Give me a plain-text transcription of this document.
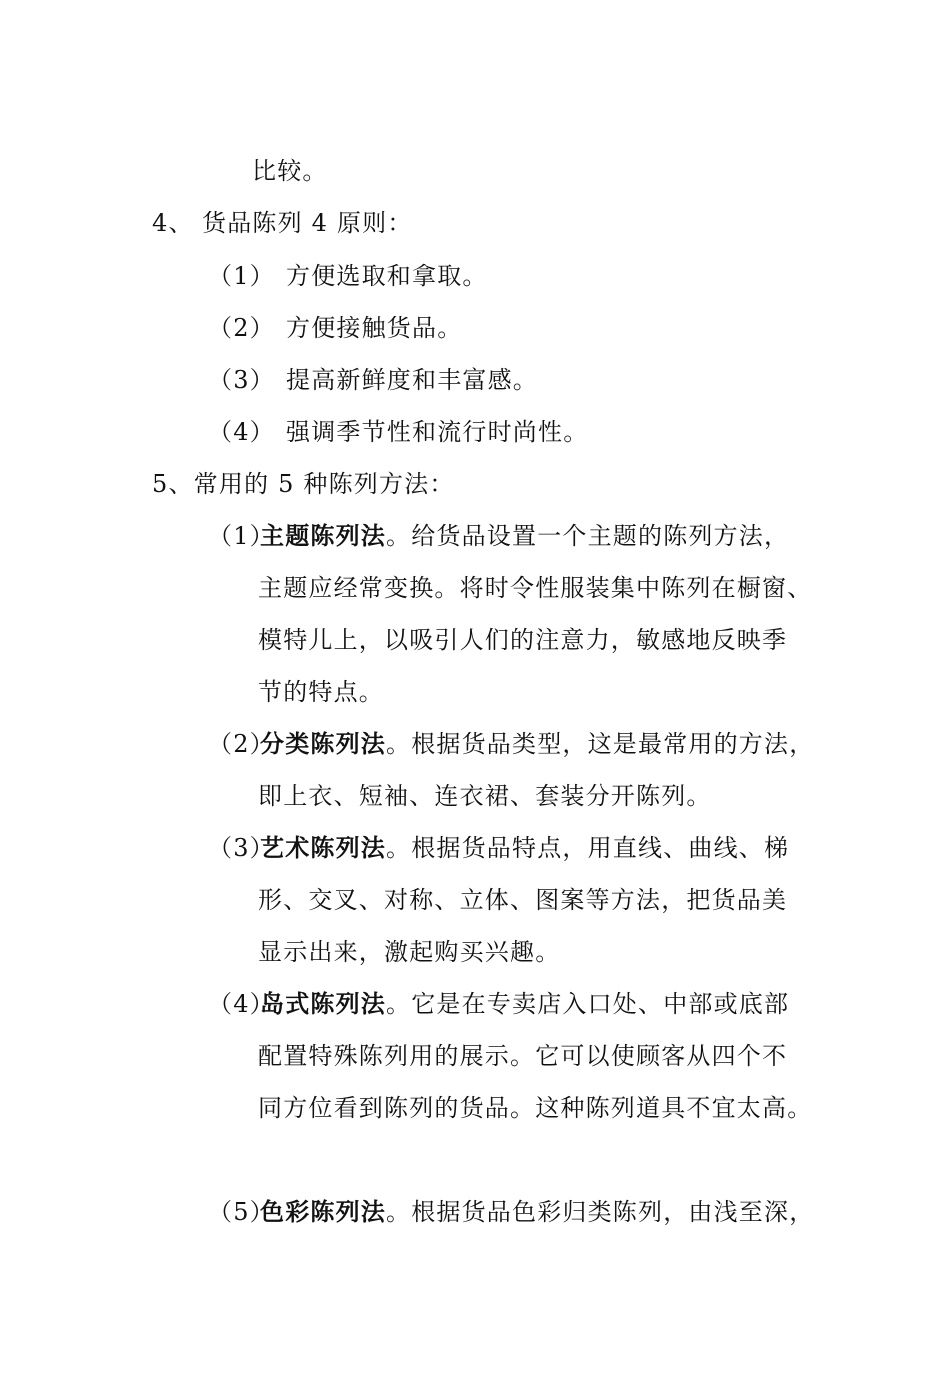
比较。
4、 货品陈列 4 原则：
（1） 方便选取和拿取。
（2） 方便接触货品。
（3） 提高新鲜度和丰富感。
（4） 强调季节性和流行时尚性。
5、常用的 5 种陈列方法：
（1）主题陈列法。给货品设置一个主题的陈列方法，
主题应经常变换。将时令性服装集中陈列在橱窗、
模特儿上，以吸引人们的注意力，敏感地反映季
节的特点。
（2）分类陈列法。根据货品类型，这是最常用的方法，
即上衣、短袖、连衣裙、套装分开陈列。
（3）艺术陈列法。根据货品特点，用直线、曲线、梯
形、交叉、对称、立体、图案等方法，把货品美
显示出来，激起购买兴趣。
（4）岛式陈列法。它是在专卖店入口处、中部或底部
配置特殊陈列用的展示。它可以使顾客从四个不
同方位看到陈列的货品。这种陈列道具不宜太高。
（5）色彩陈列法。根据货品色彩归类陈列，由浅至深，
